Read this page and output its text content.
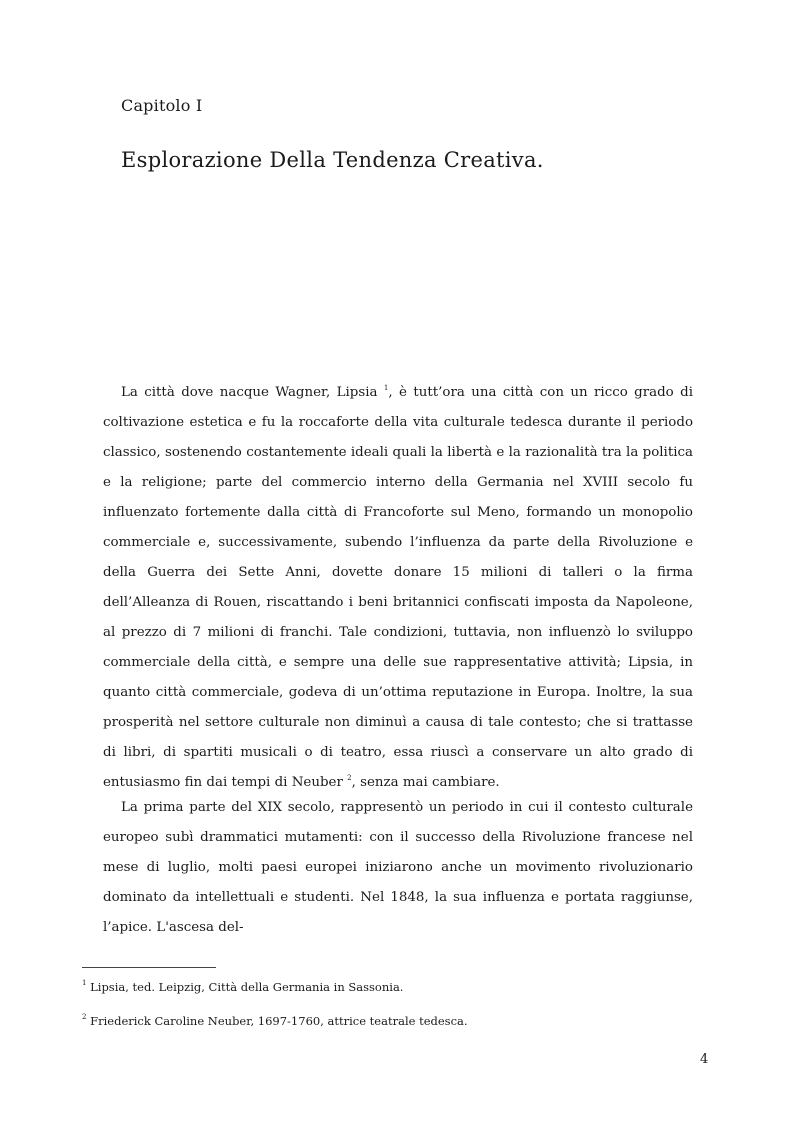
Capitolo I
Esplorazione Della Tendenza Creativa.

La città dove nacque Wagner, Lipsia $^1$, è tutt’ora una città con un ricco grado di coltivazione estetica e fu la roccaforte della vita culturale tedesca durante il periodo classico, sostenendo costantemente ideali quali la libertà e la razionalità tra la politica e la religione; parte del commercio interno della Germania nel XVIII secolo fu influenzato fortemente dalla città di Francoforte sul Meno, formando un monopolio commerciale e, successivamente, subendo l’influenza da parte della Rivoluzione e della Guerra dei Sette Anni, dovette donare 15 milioni di talleri o la firma dell’Alleanza di Rouen, riscattando i beni britannici confiscati imposta da Napoleone, al prezzo di 7 milioni di franchi. Tale condizioni, tuttavia, non influenzò lo sviluppo commerciale della città, e sempre una delle sue rappresentative attività; Lipsia, in quanto città commerciale, godeva di un’ottima reputazione in Europa. Inoltre, la sua prosperità nel settore culturale non diminuì a causa di tale contesto; che si trattasse di libri, di spartiti musicali o di teatro, essa riuscì a conservare un alto grado di entusiasmo fin dai tempi di Neuber $^2$, senza mai cambiare.

La prima parte del XIX secolo, rappresentò un periodo in cui il contesto culturale europeo subì drammatici mutamenti: con il successo della Rivoluzione francese nel mese di luglio, molti paesi europei iniziarono anche un movimento rivoluzionario dominato da intellettuali e studenti. Nel 1848, la sua influenza e portata raggiunse, l’apice. L'ascesa del-

$^1$ Lipsia, ted. Leipzig, Città della Germania in Sassonia.
$^2$ Friederick Caroline Neuber, 1697-1760, attrice teatrale tedesca.
4
